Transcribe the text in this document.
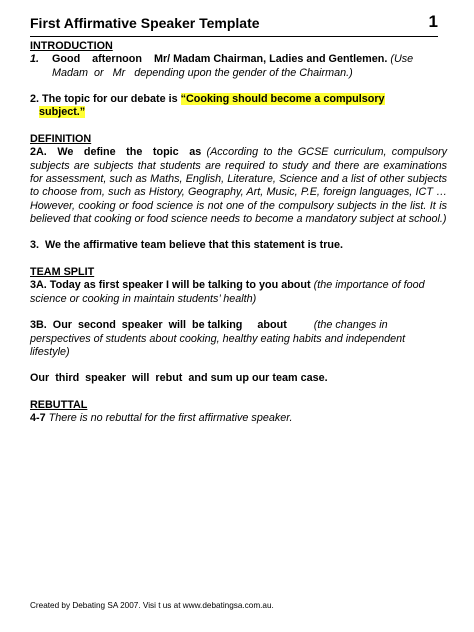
First Affirmative Speaker Template	1

INTRODUCTION

1. Good    afternoon    Mr/ Madam Chairman, Ladies and Gentlemen. (Use

Madam  or   Mr   depending upon the gender of the Chairman.)

2. The topic for our debate is “Cooking should become a compulsory

subject.”

DEFINITION

2A.  We  define  the  topic  as (According to the GCSE curriculum, compulsory subjects are subjects that students are required to study and there are examinations for assessment, such as Maths, English, Literature, Science and a list of other subjects to choose from, such as History, Geography, Art, Music, P.E, foreign languages, ICT … However, cooking or food science is not one of the compulsory subjects in the list. It is believed that cooking or food science needs to become a mandatory subject at school.)

3.  We the affirmative team believe that this statement is true.

TEAM SPLIT

3A. Today as first speaker I will be talking to you about (the importance of food science or cooking in maintain students’ health)

3B.  Our  second  speaker  will  be talking     about	(the changes in

perspectives of students about cooking, healthy eating habits and independent lifestyle)

Our  third  speaker  will  rebut  and sum up our team case.

REBUTTAL

4-7 There is no rebuttal for the first affirmative speaker.

Created by Debating SA 2007. Visi t us at www.debatingsa.com.au.
